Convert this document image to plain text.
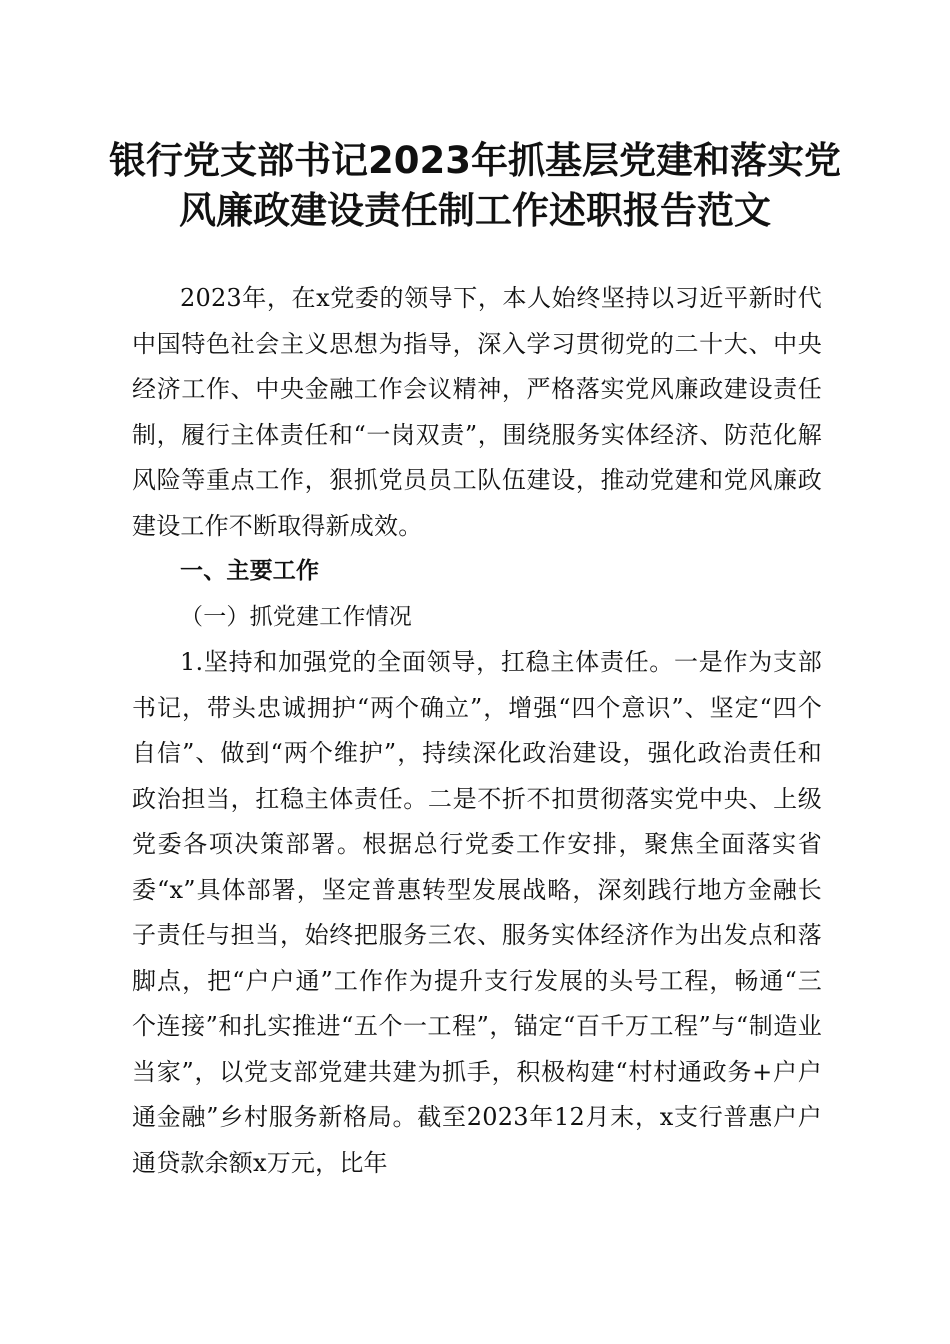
银行党支部书记2023年抓基层党建和落实党
风廉政建设责任制工作述职报告范文

2023年，在x党委的领导下，本人始终坚持以习近平新时代中国特色社会主义思想为指导，深入学习贯彻党的二十大、中央经济工作、中央金融工作会议精神，严格落实党风廉政建设责任制，履行主体责任和“一岗双责”，围绕服务实体经济、防范化解风险等重点工作，狠抓党员员工队伍建设，推动党建和党风廉政建设工作不断取得新成效。

一、主要工作

（一）抓党建工作情况

1.坚持和加强党的全面领导，扛稳主体责任。一是作为支部书记，带头忠诚拥护“两个确立”，增强“四个意识”、坚定“四个自信”、做到“两个维护”，持续深化政治建设，强化政治责任和政治担当，扛稳主体责任。二是不折不扣贯彻落实党中央、上级党委各项决策部署。根据总行党委工作安排，聚焦全面落实省委“x”具体部署，坚定普惠转型发展战略，深刻践行地方金融长子责任与担当，始终把服务三农、服务实体经济作为出发点和落脚点，把“户户通”工作作为提升支行发展的头号工程，畅通“三个连接”和扎实推进“五个一工程”，锚定“百千万工程”与“制造业当家”，以党支部党建共建为抓手，积极构建“村村通政务+户户通金融”乡村服务新格局。截至2023年12月末，x支行普惠户户通贷款余额x万元，比年
